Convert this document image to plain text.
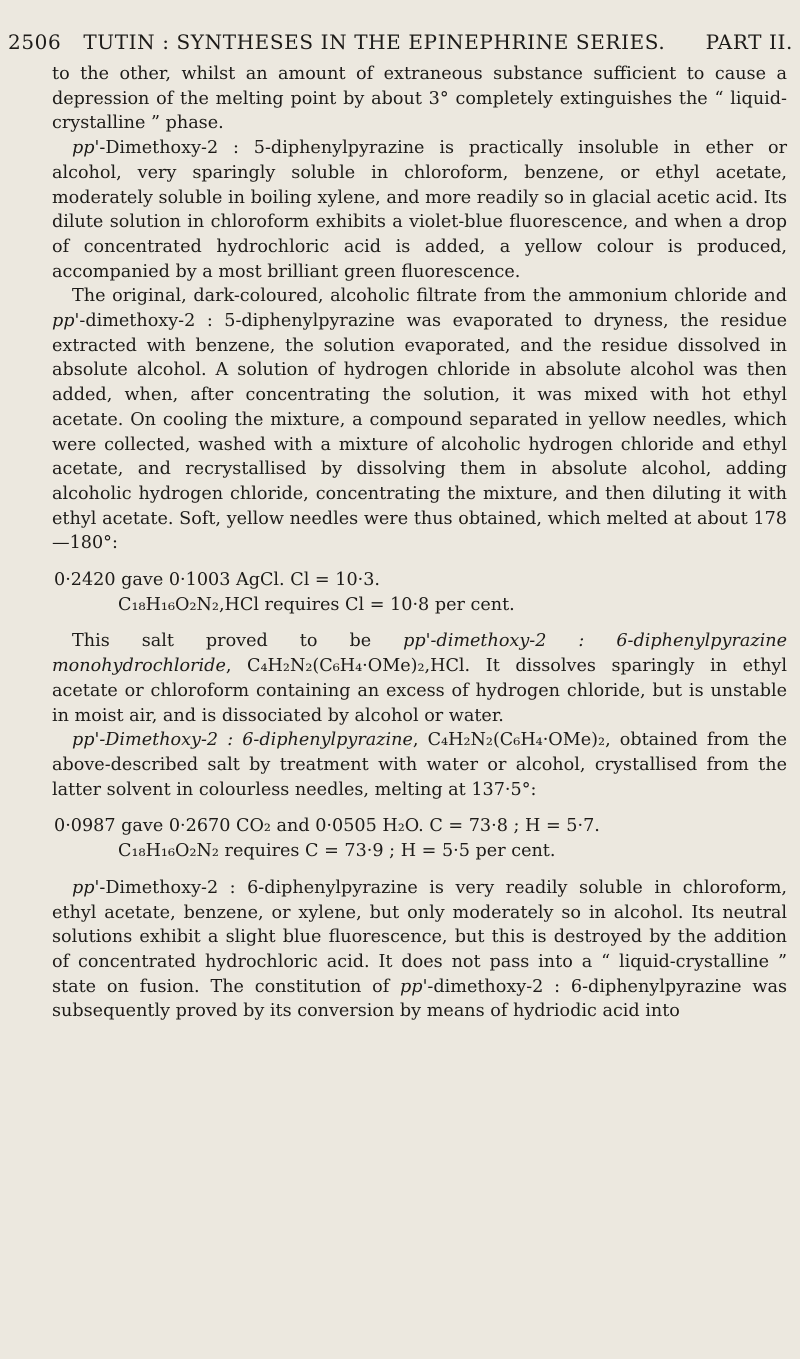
2506 TUTIN : SYNTHESES IN THE EPINEPHRINE SERIES. PART II.

to the other, whilst an amount of extraneous substance sufficient to cause a depression of the melting point by about 3° completely extinguishes the “ liquid-crystalline ” phase.

pp'-Dimethoxy-2 : 5-diphenylpyrazine is practically insoluble in ether or alcohol, very sparingly soluble in chloroform, benzene, or ethyl acetate, moderately soluble in boiling xylene, and more readily so in glacial acetic acid. Its dilute solution in chloroform exhibits a violet-blue fluorescence, and when a drop of concentrated hydrochloric acid is added, a yellow colour is produced, accompanied by a most brilliant green fluorescence.

The original, dark-coloured, alcoholic filtrate from the ammonium chloride and pp'-dimethoxy-2 : 5-diphenylpyrazine was evaporated to dryness, the residue extracted with benzene, the solution evaporated, and the residue dissolved in absolute alcohol. A solution of hydrogen chloride in absolute alcohol was then added, when, after concentrating the solution, it was mixed with hot ethyl acetate. On cooling the mixture, a compound separated in yellow needles, which were collected, washed with a mixture of alcoholic hydrogen chloride and ethyl acetate, and recrystallised by dissolving them in absolute alcohol, adding alcoholic hydrogen chloride, concentrating the mixture, and then diluting it with ethyl acetate. Soft, yellow needles were thus obtained, which melted at about 178—180°:

0·2420 gave 0·1003 AgCl. Cl = 10·3.
C₁₈H₁₆O₂N₂,HCl requires Cl = 10·8 per cent.

This salt proved to be pp'-dimethoxy-2 : 6-diphenylpyrazine monohydrochloride, C₄H₂N₂(C₆H₄·OMe)₂,HCl. It dissolves sparingly in ethyl acetate or chloroform containing an excess of hydrogen chloride, but is unstable in moist air, and is dissociated by alcohol or water.

pp'-Dimethoxy-2 : 6-diphenylpyrazine, C₄H₂N₂(C₆H₄·OMe)₂, obtained from the above-described salt by treatment with water or alcohol, crystallised from the latter solvent in colourless needles, melting at 137·5°:

0·0987 gave 0·2670 CO₂ and 0·0505 H₂O. C = 73·8 ; H = 5·7.
C₁₈H₁₆O₂N₂ requires C = 73·9 ; H = 5·5 per cent.

pp'-Dimethoxy-2 : 6-diphenylpyrazine is very readily soluble in chloroform, ethyl acetate, benzene, or xylene, but only moderately so in alcohol. Its neutral solutions exhibit a slight blue fluorescence, but this is destroyed by the addition of concentrated hydrochloric acid. It does not pass into a “ liquid-crystalline ” state on fusion. The constitution of pp'-dimethoxy-2 : 6-diphenylpyrazine was subsequently proved by its conversion by means of hydriodic acid into
